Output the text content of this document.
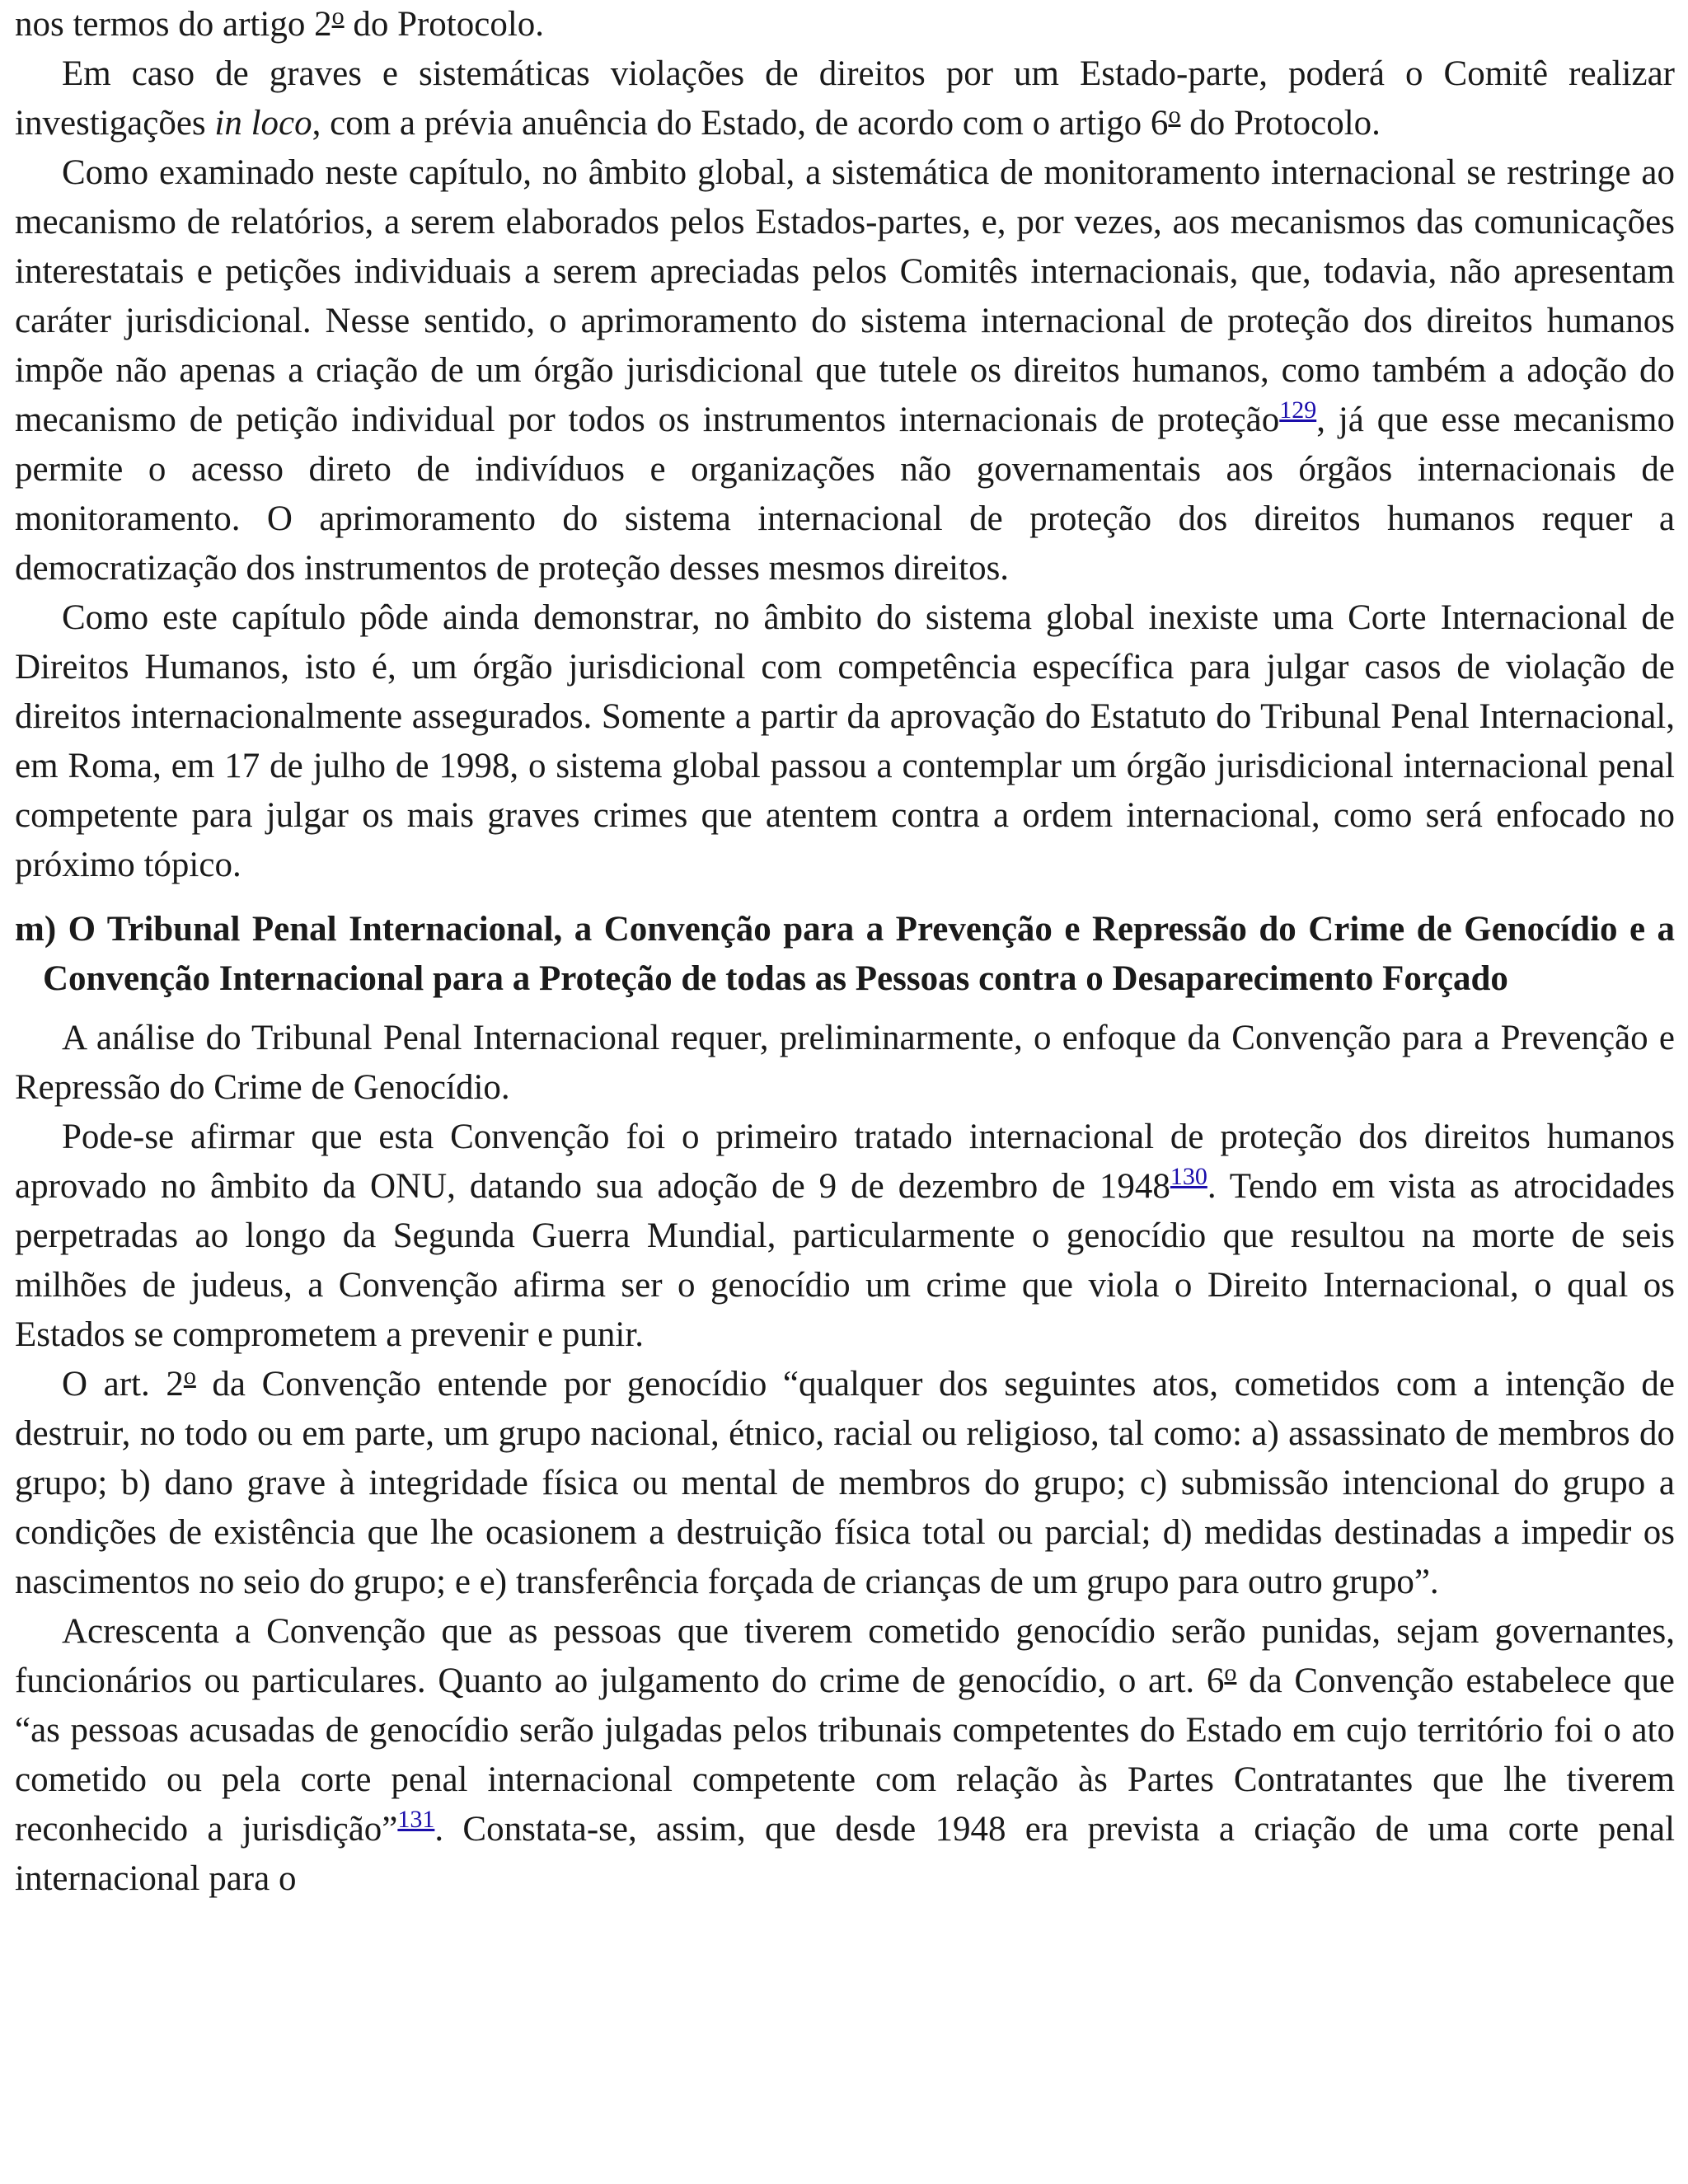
nos termos do artigo 2$^o$ do Protocolo.

Em caso de graves e sistemáticas violações de direitos por um Estado-parte, poderá o Comitê realizar investigações in loco, com a prévia anuência do Estado, de acordo com o artigo 6$^o$ do Protocolo.

Como examinado neste capítulo, no âmbito global, a sistemática de monitoramento internacional se restringe ao mecanismo de relatórios, a serem elaborados pelos Estados-partes, e, por vezes, aos mecanismos das comunicações interestatais e petições individuais a serem apreciadas pelos Comitês internacionais, que, todavia, não apresentam caráter jurisdicional. Nesse sentido, o aprimoramento do sistema internacional de proteção dos direitos humanos impõe não apenas a criação de um órgão jurisdicional que tutele os direitos humanos, como também a adoção do mecanismo de petição individual por todos os instrumentos internacionais de proteção$^{129}$, já que esse mecanismo permite o acesso direto de indivíduos e organizações não governamentais aos órgãos internacionais de monitoramento. O aprimoramento do sistema internacional de proteção dos direitos humanos requer a democratização dos instrumentos de proteção desses mesmos direitos.

Como este capítulo pôde ainda demonstrar, no âmbito do sistema global inexiste uma Corte Internacional de Direitos Humanos, isto é, um órgão jurisdicional com competência específica para julgar casos de violação de direitos internacionalmente assegurados. Somente a partir da aprovação do Estatuto do Tribunal Penal Internacional, em Roma, em 17 de julho de 1998, o sistema global passou a contemplar um órgão jurisdicional internacional penal competente para julgar os mais graves crimes que atentem contra a ordem internacional, como será enfocado no próximo tópico.

m) O Tribunal Penal Internacional, a Convenção para a Prevenção e Repressão do Crime de Genocídio e a Convenção Internacional para a Proteção de todas as Pessoas contra o Desaparecimento Forçado

A análise do Tribunal Penal Internacional requer, preliminarmente, o enfoque da Convenção para a Prevenção e Repressão do Crime de Genocídio.

Pode-se afirmar que esta Convenção foi o primeiro tratado internacional de proteção dos direitos humanos aprovado no âmbito da ONU, datando sua adoção de 9 de dezembro de 1948$^{130}$. Tendo em vista as atrocidades perpetradas ao longo da Segunda Guerra Mundial, particularmente o genocídio que resultou na morte de seis milhões de judeus, a Convenção afirma ser o genocídio um crime que viola o Direito Internacional, o qual os Estados se comprometem a prevenir e punir.

O art. 2$^o$ da Convenção entende por genocídio “qualquer dos seguintes atos, cometidos com a intenção de destruir, no todo ou em parte, um grupo nacional, étnico, racial ou religioso, tal como: a) assassinato de membros do grupo; b) dano grave à integridade física ou mental de membros do grupo; c) submissão intencional do grupo a condições de existência que lhe ocasionem a destruição física total ou parcial; d) medidas destinadas a impedir os nascimentos no seio do grupo; e e) transferência forçada de crianças de um grupo para outro grupo”.

Acrescenta a Convenção que as pessoas que tiverem cometido genocídio serão punidas, sejam governantes, funcionários ou particulares. Quanto ao julgamento do crime de genocídio, o art. 6$^o$ da Convenção estabelece que “as pessoas acusadas de genocídio serão julgadas pelos tribunais competentes do Estado em cujo território foi o ato cometido ou pela corte penal internacional competente com relação às Partes Contratantes que lhe tiverem reconhecido a jurisdição”$^{131}$. Constata-se, assim, que desde 1948 era prevista a criação de uma corte penal internacional para o
